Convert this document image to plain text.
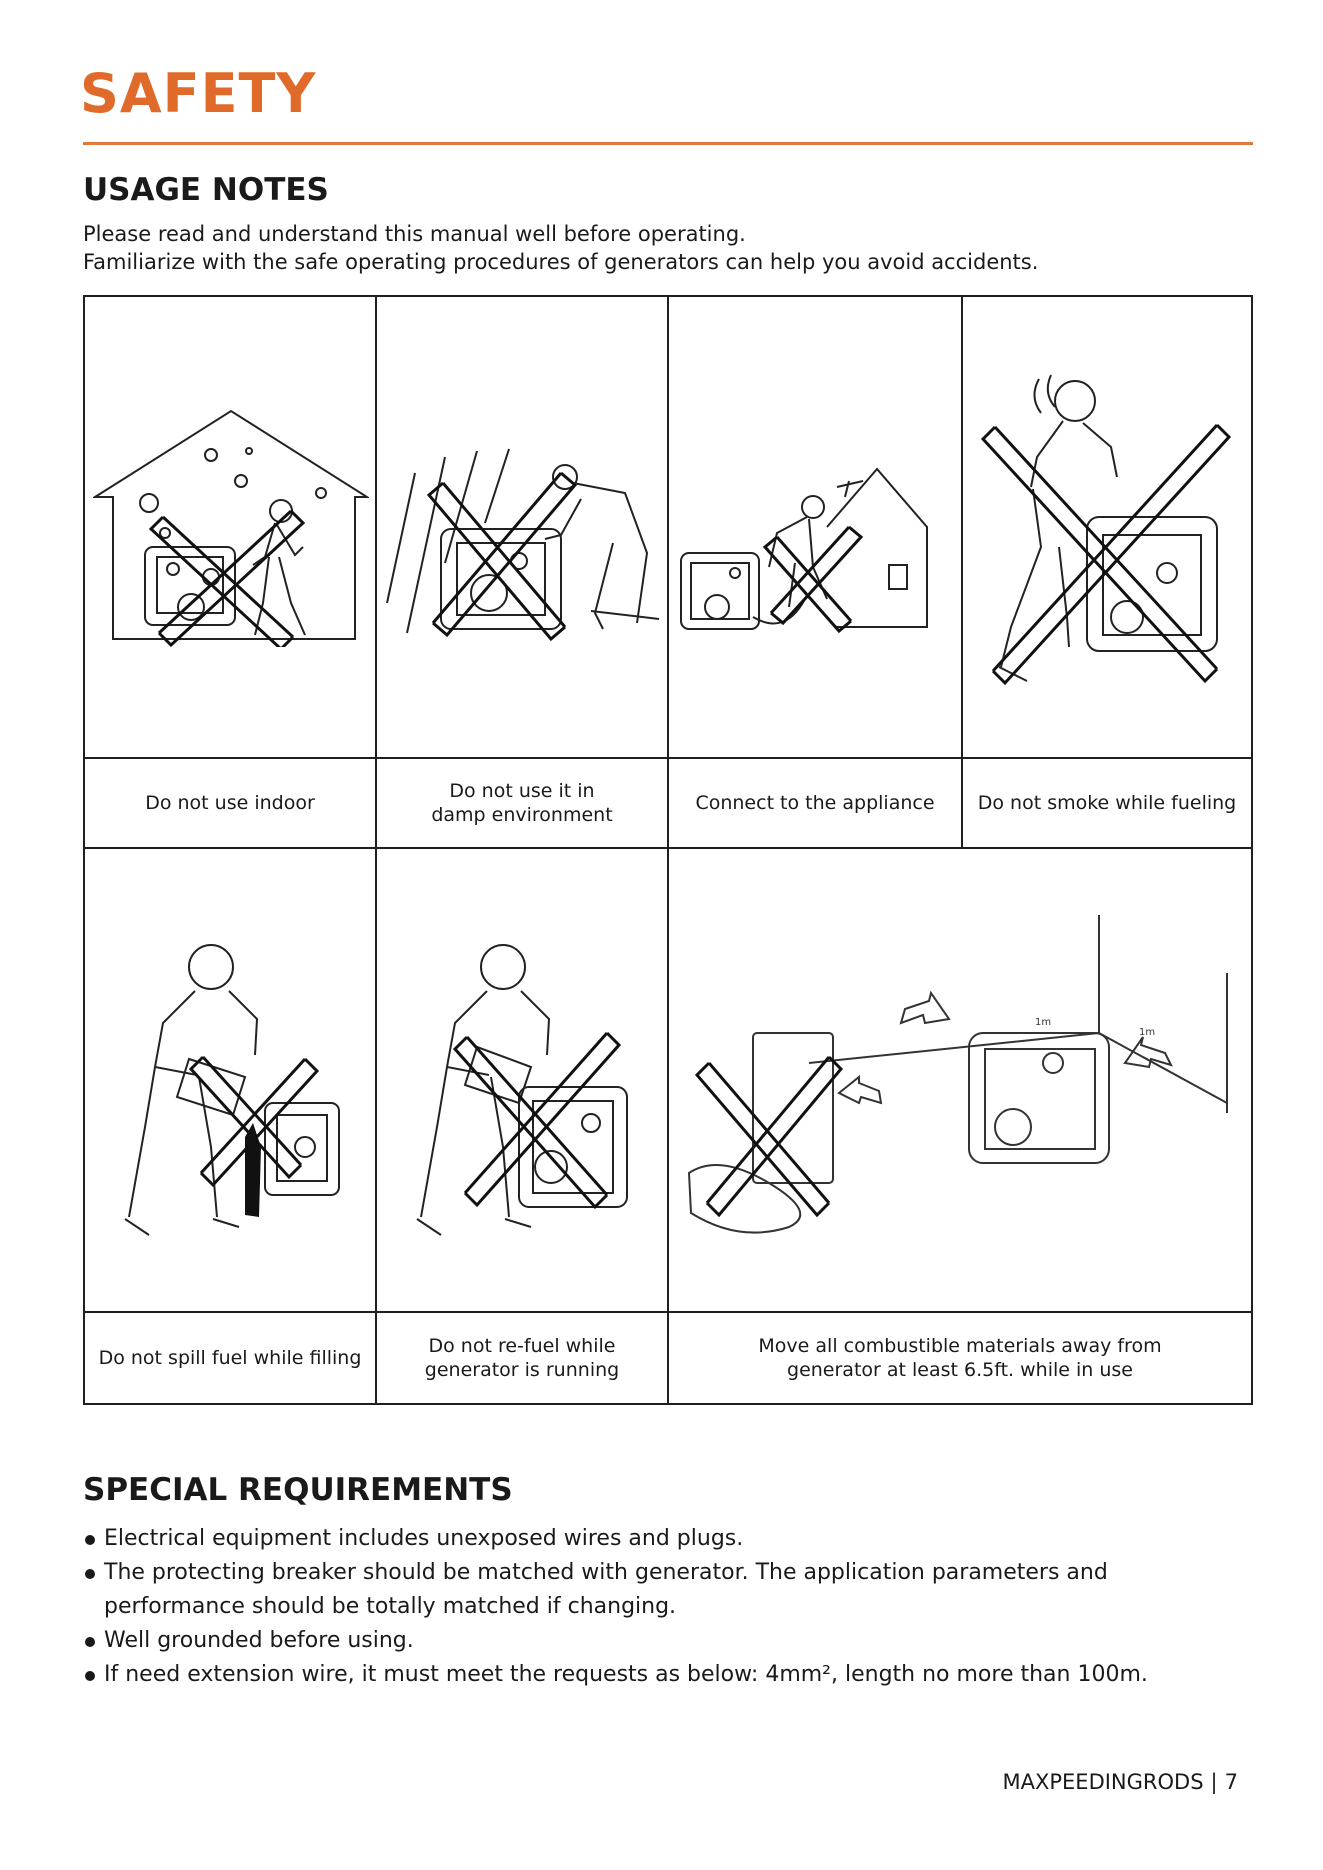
SAFETY
USAGE NOTES
Please read and understand this manual well before operating.
Familiarize with the safe operating procedures of generators can help you avoid accidents.
Do not use indoor
Do not use it in
damp environment
Connect to the appliance Do not smoke while fueling
1m
1m
Do not spill fuel while filling
Do not re-fuel while
generator is running
Move all combustible materials away from
generator at least 6.5ft. while in use
SPECIAL REQUIREMENTS
Electrical equipment includes unexposed wires and plugs.
The protecting breaker should be matched with generator. The application parameters and
performance should be totally matched if changing.
Well grounded before using.
If need extension wire, it must meet the requests as below: 4mm², length no more than 100m.
MAXPEEDINGRODS | 7
